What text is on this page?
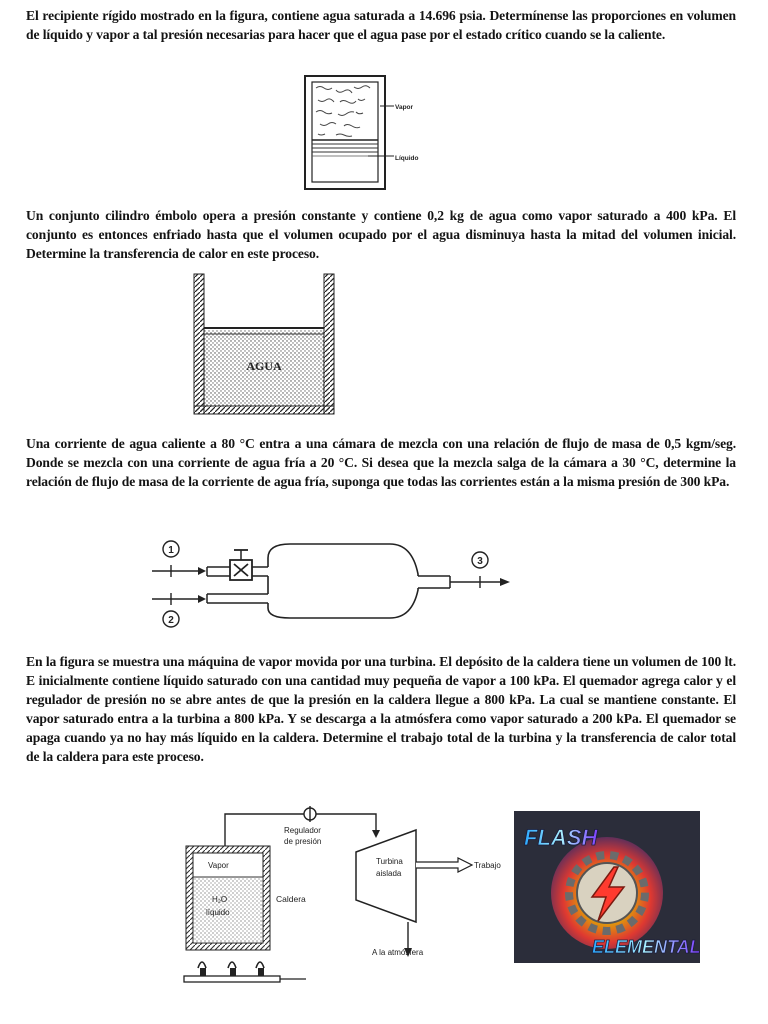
El recipiente rígido mostrado en la figura, contiene agua saturada a 14.696 psia. Determínense las proporciones en volumen de líquido y vapor a tal presión necesarias para hacer que el agua pase por el estado crítico cuando se la caliente.
Vapor
Líquido
Un conjunto cilindro émbolo opera a presión constante y contiene 0,2 kg de agua como vapor saturado a 400 kPa. El conjunto es entonces enfriado hasta que el volumen ocupado por el agua disminuya hasta la mitad del volumen inicial. Determine la transferencia de calor en este proceso.
AGUA
Una corriente de agua caliente a 80 °C entra a una cámara de mezcla con una relación de flujo de masa de 0,5 kgm/seg. Donde se mezcla con una corriente de agua fría a 20 °C. Si desea que la mezcla salga de la cámara a 30 °C, determine la relación de flujo de masa de la corriente de agua fría, suponga que todas las corrientes están a la misma presión de 300 kPa.
1
2
3
En la figura se muestra una máquina de vapor movida por una turbina. El depósito de la caldera tiene un volumen de 100 lt. E inicialmente contiene líquido saturado con una cantidad muy pequeña de vapor a 100 kPa. El quemador agrega calor y el regulador de presión no se abre antes de que la presión en la caldera llegue a 800 kPa. La cual se mantiene constante. El vapor saturado entra a la turbina a 800 kPa. Y se descarga a la atmósfera como vapor saturado a 200 kPa. El quemador se apaga cuando ya no hay más líquido en la caldera. Determine el trabajo total de la turbina y la transferencia de calor total de la caldera para este proceso.
Vapor
H₂O
líquido
Caldera
Regulador
de presión
Turbina
aislada
Trabajo
A la atmósfera
FLASH
ELEMENTAL
